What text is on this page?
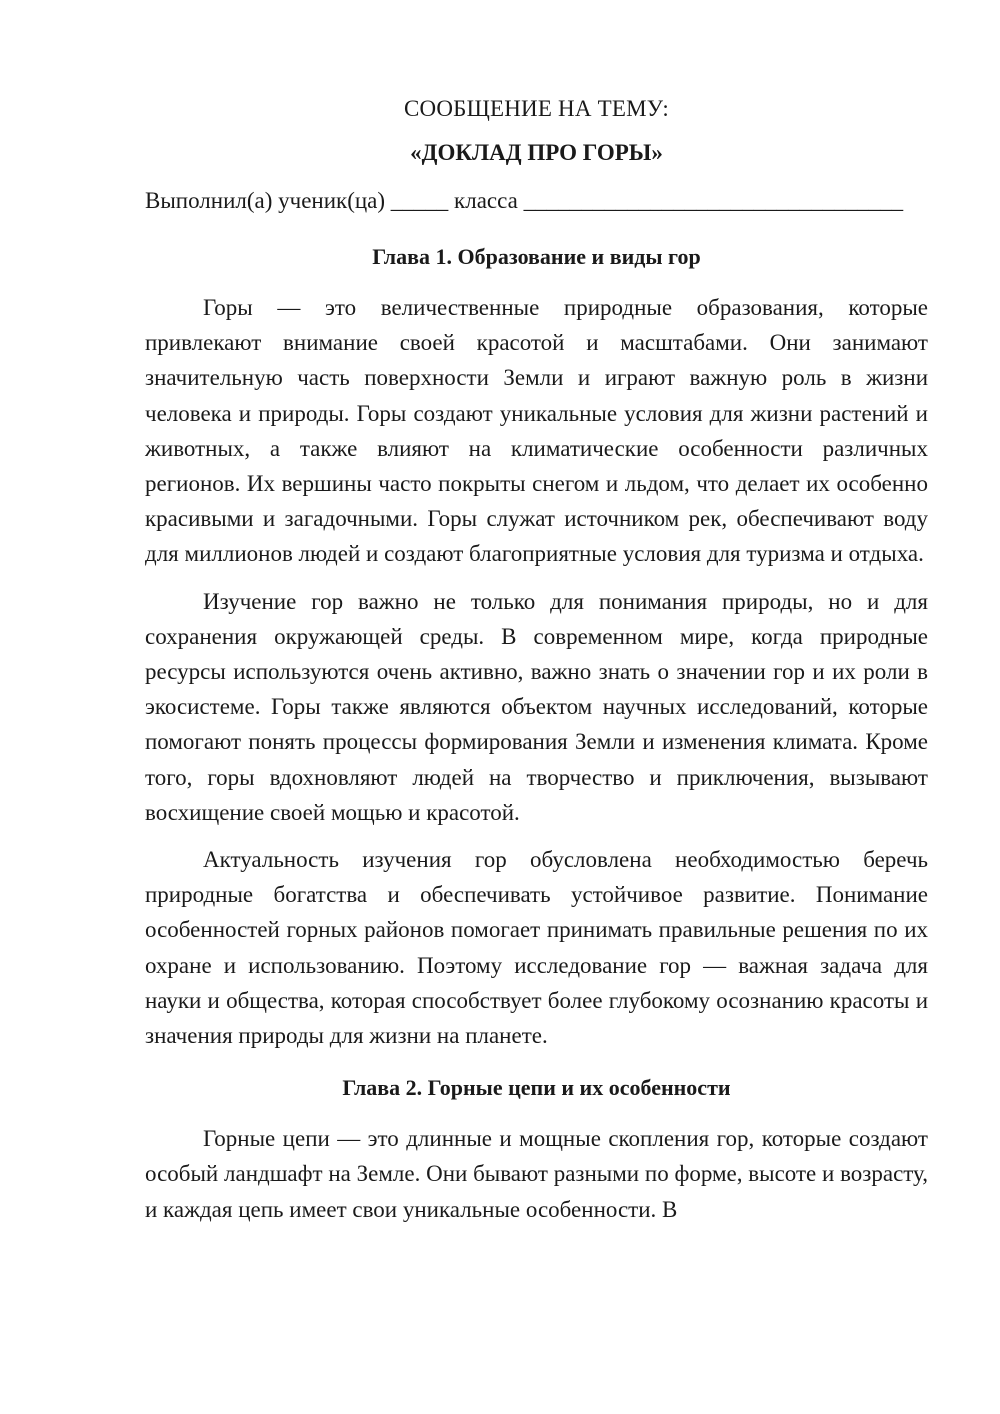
СООБЩЕНИЕ НА ТЕМУ:

«ДОКЛАД ПРО ГОРЫ»

Выполнил(а) ученик(ца) _____ класса _________________________________

Глава 1. Образование и виды гор

Горы — это величественные природные образования, которые привлекают внимание своей красотой и масштабами. Они занимают значительную часть поверхности Земли и играют важную роль в жизни человека и природы. Горы создают уникальные условия для жизни растений и животных, а также влияют на климатические особенности различных регионов. Их вершины часто покрыты снегом и льдом, что делает их особенно красивыми и загадочными. Горы служат источником рек, обеспечивают воду для миллионов людей и создают благоприятные условия для туризма и отдыха.

Изучение гор важно не только для понимания природы, но и для сохранения окружающей среды. В современном мире, когда природные ресурсы используются очень активно, важно знать о значении гор и их роли в экосистеме. Горы также являются объектом научных исследований, которые помогают понять процессы формирования Земли и изменения климата. Кроме того, горы вдохновляют людей на творчество и приключения, вызывают восхищение своей мощью и красотой.

Актуальность изучения гор обусловлена необходимостью беречь природные богатства и обеспечивать устойчивое развитие. Понимание особенностей горных районов помогает принимать правильные решения по их охране и использованию. Поэтому исследование гор — важная задача для науки и общества, которая способствует более глубокому осознанию красоты и значения природы для жизни на планете.

Глава 2. Горные цепи и их особенности

Горные цепи — это длинные и мощные скопления гор, которые создают особый ландшафт на Земле. Они бывают разными по форме, высоте и возрасту, и каждая цепь имеет свои уникальные особенности. В
